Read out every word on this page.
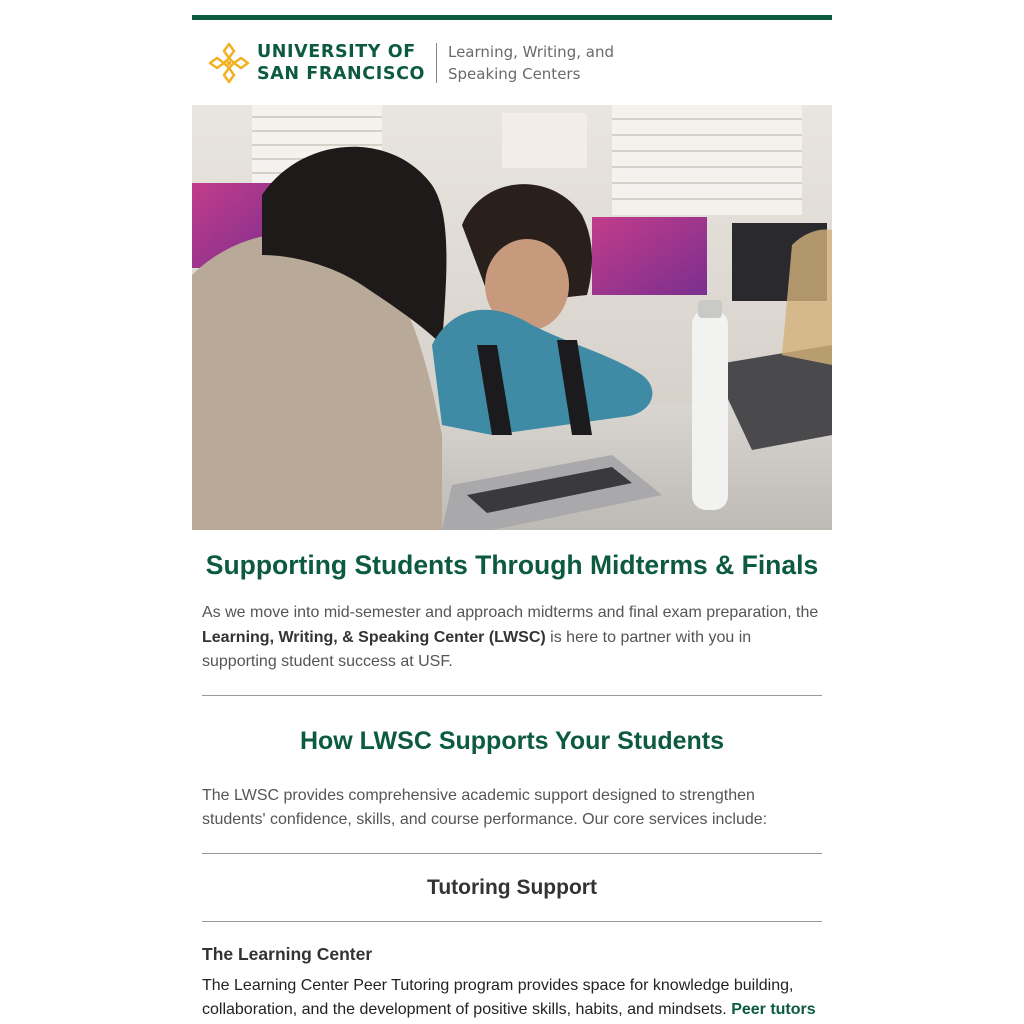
UNIVERSITY OF
SAN FRANCISCO
Learning, Writing, and
Speaking Centers
Supporting Students Through Midterms & Finals

As we move into mid-semester and approach midterms and final exam preparation, the Learning, Writing, & Speaking Center (LWSC) is here to partner with you in supporting student success at USF.

How LWSC Supports Your Students

The LWSC provides comprehensive academic support designed to strengthen students' confidence, skills, and course performance. Our core services include:

Tutoring Support
The Learning Center

The Learning Center Peer Tutoring program provides space for knowledge building, collaboration, and the development of positive skills, habits, and mindsets. Peer tutors
